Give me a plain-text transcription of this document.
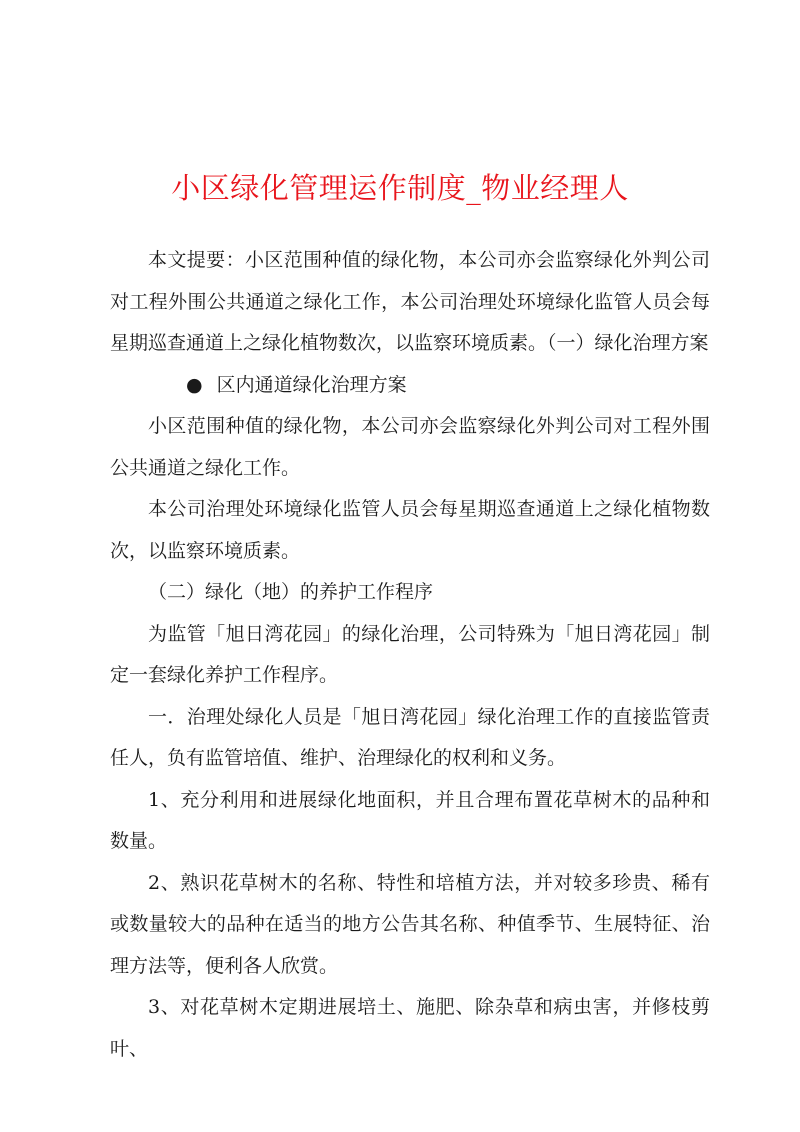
小区绿化管理运作制度_物业经理人

本文提要：小区范围种值的绿化物，本公司亦会监察绿化外判公司对工程外围公共通道之绿化工作，本公司治理处环境绿化监管人员会每星期巡查通道上之绿化植物数次，以监察环境质素。（一）绿化治理方案

● 区内通道绿化治理方案

小区范围种值的绿化物，本公司亦会监察绿化外判公司对工程外围公共通道之绿化工作。

本公司治理处环境绿化监管人员会每星期巡查通道上之绿化植物数次，以监察环境质素。

（二）绿化（地）的养护工作程序

为监管「旭日湾花园」的绿化治理，公司特殊为「旭日湾花园」制定一套绿化养护工作程序。

一．治理处绿化人员是「旭日湾花园」绿化治理工作的直接监管责任人，负有监管培值、维护、治理绿化的权利和义务。

1、充分利用和进展绿化地面积，并且合理布置花草树木的品种和数量。

2、熟识花草树木的名称、特性和培植方法，并对较多珍贵、稀有或数量较大的品种在适当的地方公告其名称、种值季节、生展特征、治理方法等，便利各人欣赏。

3、对花草树木定期进展培土、施肥、除杂草和病虫害，并修枝剪叶、
